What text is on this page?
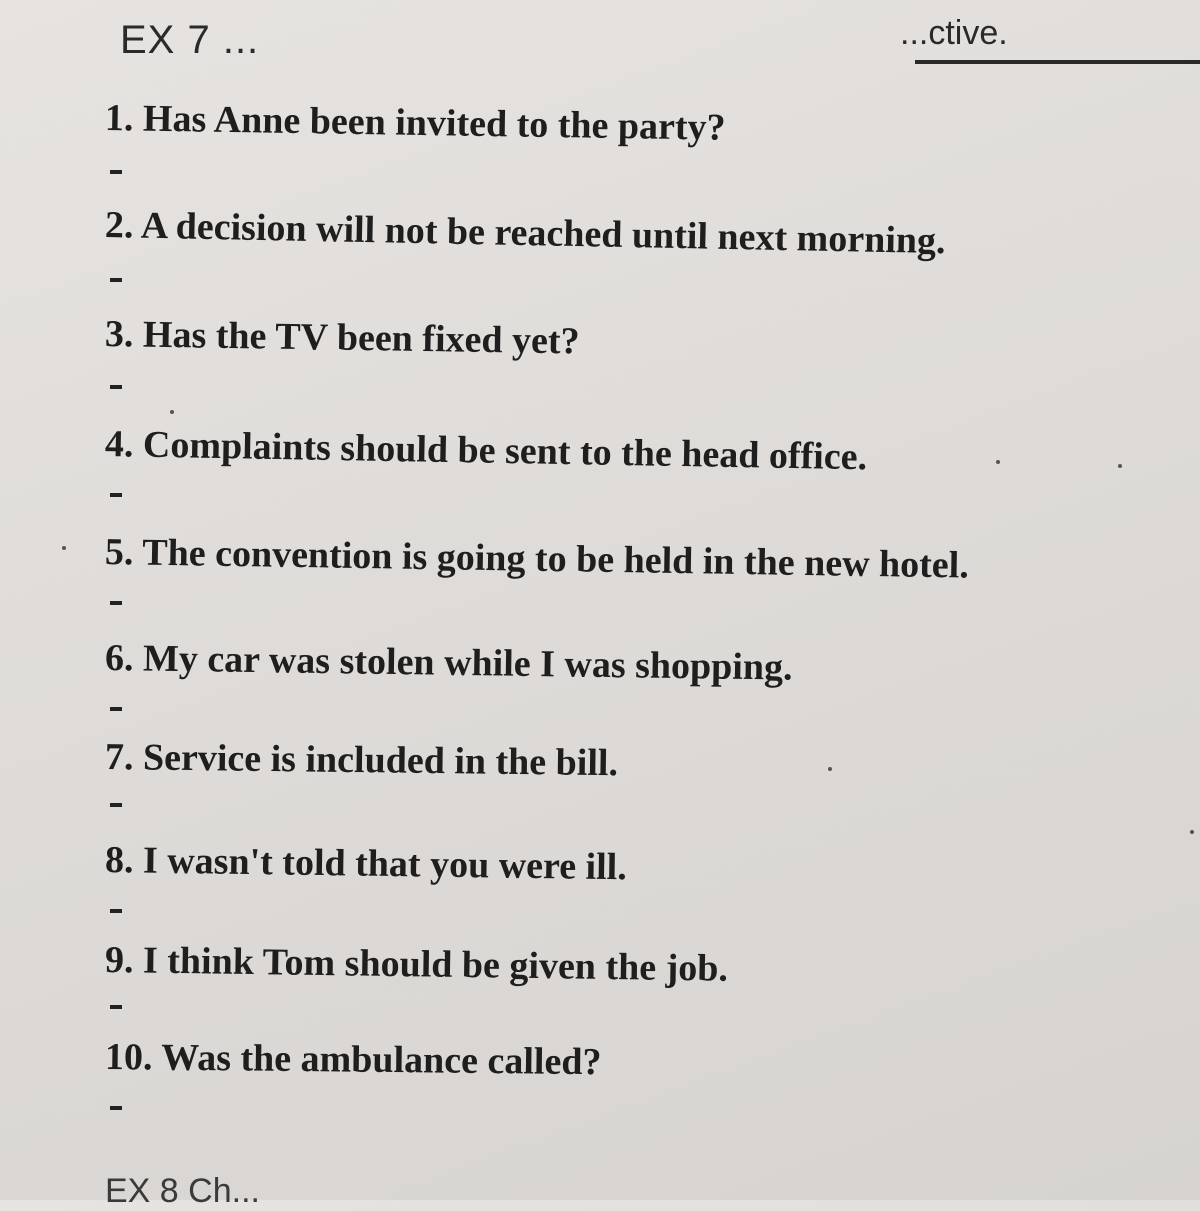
EX 7 ...	...ctive.
1. Has Anne been invited to the party?
2. A decision will not be reached until next morning.
3. Has the TV been fixed yet?
4. Complaints should be sent to the head office.
5. The convention is going to be held in the new hotel.
6. My car was stolen while I was shopping.
7. Service is included in the bill.
8. I wasn't told that you were ill.
9. I think Tom should be given the job.
10. Was the ambulance called?
EX 8 Ch...
